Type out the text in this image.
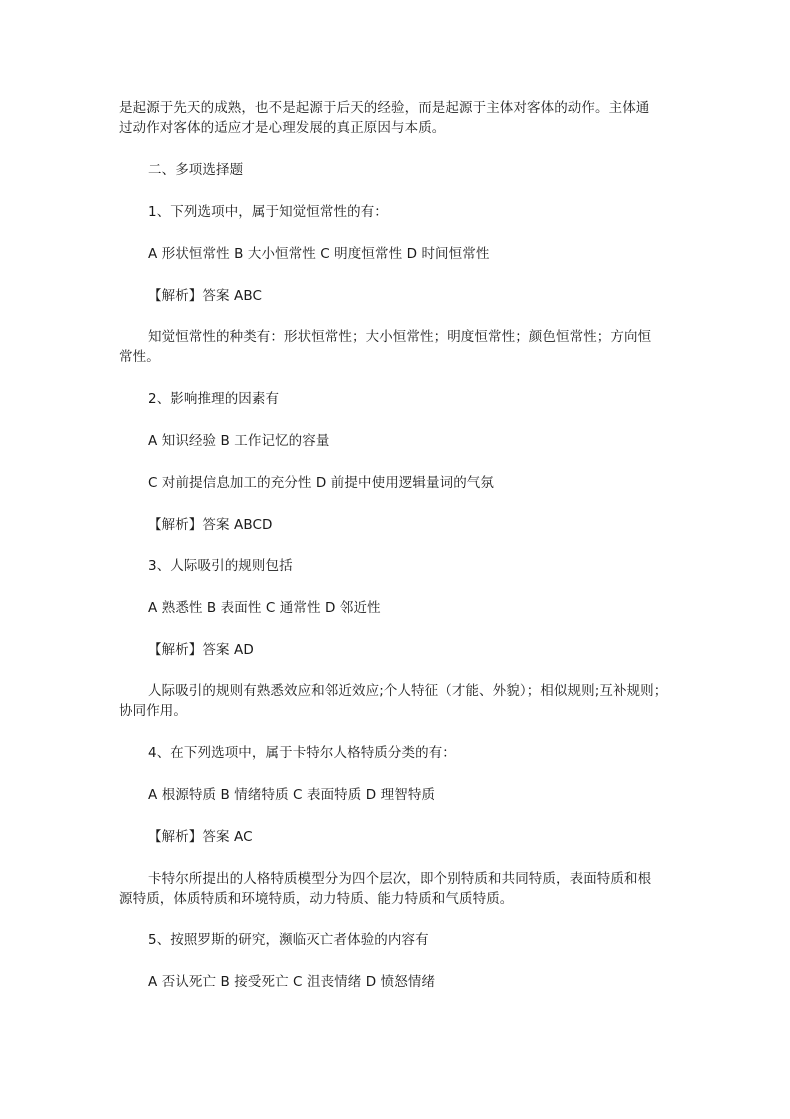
是起源于先天的成熟，也不是起源于后天的经验，而是起源于主体对客体的动作。主体通
过动作对客体的适应才是心理发展的真正原因与本质。
二、多项选择题
1、下列选项中，属于知觉恒常性的有：
A 形状恒常性 B 大小恒常性 C 明度恒常性 D 时间恒常性
【解析】答案 ABC
知觉恒常性的种类有：形状恒常性；大小恒常性；明度恒常性；颜色恒常性；方向恒
常性。
2、影响推理的因素有
A 知识经验 B 工作记忆的容量
C 对前提信息加工的充分性 D 前提中使用逻辑量词的气氛
【解析】答案 ABCD
3、人际吸引的规则包括
A 熟悉性 B 表面性 C 通常性 D 邻近性
【解析】答案 AD
人际吸引的规则有熟悉效应和邻近效应;个人特征（才能、外貌）；相似规则;互补规则；
协同作用。
4、在下列选项中，属于卡特尔人格特质分类的有：
A 根源特质 B 情绪特质 C 表面特质 D 理智特质
【解析】答案 AC
卡特尔所提出的人格特质模型分为四个层次，即个别特质和共同特质，表面特质和根
源特质，体质特质和环境特质，动力特质、能力特质和气质特质。
5、按照罗斯的研究，濒临灭亡者体验的内容有
A 否认死亡 B 接受死亡 C 沮丧情绪 D 愤怒情绪
